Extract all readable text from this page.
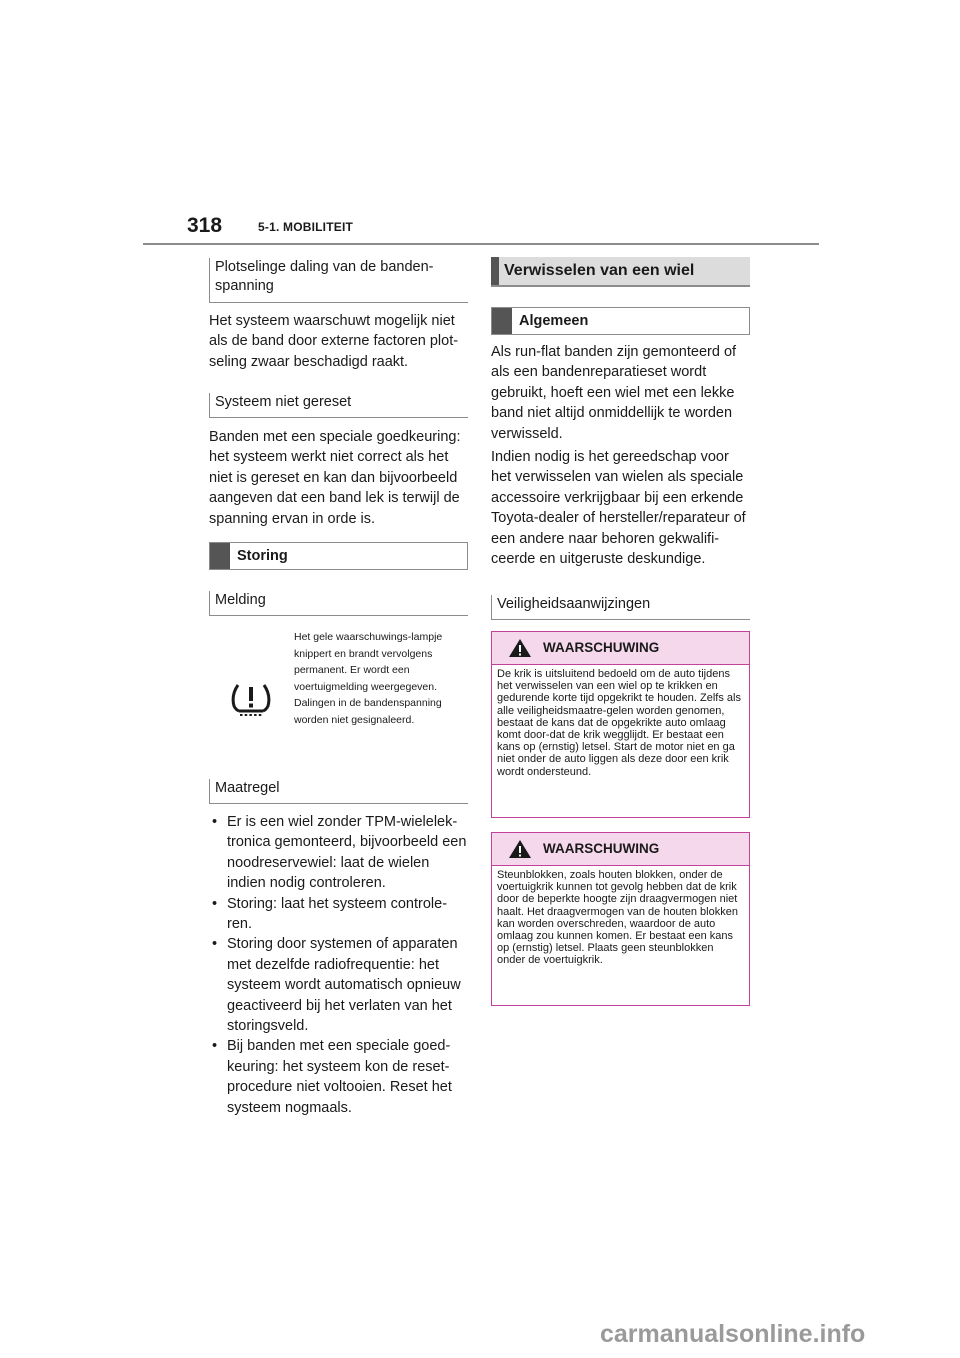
318	5-1. MOBILITEIT
Plotselinge daling van de banden-
spanning
Het systeem waarschuwt mogelijk niet als de band door externe factoren plot-seling zwaar beschadigd raakt.
Systeem niet gereset
Banden met een speciale goedkeuring: het systeem werkt niet correct als het niet is gereset en kan dan bijvoorbeeld aangeven dat een band lek is terwijl de spanning ervan in orde is.
Storing
Melding
Het gele waarschuwings-lampje knippert en brandt vervolgens permanent. Er wordt een voertuigmelding weergegeven. Dalingen in de bandenspanning worden niet gesignaleerd.
Maatregel
• Er is een wiel zonder TPM-wielelek-tronica gemonteerd, bijvoorbeeld een noodreservewiel: laat de wielen indien nodig controleren.
• Storing: laat het systeem controle-ren.
• Storing door systemen of apparaten met dezelfde radiofrequentie: het systeem wordt automatisch opnieuw geactiveerd bij het verlaten van het storingsveld.
• Bij banden met een speciale goed-keuring: het systeem kon de reset-procedure niet voltooien. Reset het systeem nogmaals.
Verwisselen van een wiel
Algemeen
Als run-flat banden zijn gemonteerd of als een bandenreparatieset wordt gebruikt, hoeft een wiel met een lekke band niet altijd onmiddellijk te worden verwisseld.
Indien nodig is het gereedschap voor het verwisselen van wielen als speciale accessoire verkrijgbaar bij een erkende Toyota-dealer of hersteller/reparateur of een andere naar behoren gekwalifi-ceerde en uitgeruste deskundige.
Veiligheidsaanwijzingen
WAARSCHUWING
De krik is uitsluitend bedoeld om de auto tijdens het verwisselen van een wiel op te krikken en gedurende korte tijd opgekrikt te houden. Zelfs als alle veiligheidsmaatre-gelen worden genomen, bestaat de kans dat de opgekrikte auto omlaag komt door-dat de krik wegglijdt. Er bestaat een kans op (ernstig) letsel. Start de motor niet en ga niet onder de auto liggen als deze door een krik wordt ondersteund.
WAARSCHUWING
Steunblokken, zoals houten blokken, onder de voertuigkrik kunnen tot gevolg hebben dat de krik door de beperkte hoogte zijn draagvermogen niet haalt. Het draagvermogen van de houten blokken kan worden overschreden, waardoor de auto omlaag zou kunnen komen. Er bestaat een kans op (ernstig) letsel. Plaats geen steunblokken onder de voertuigkrik.
carmanualsonline.info
